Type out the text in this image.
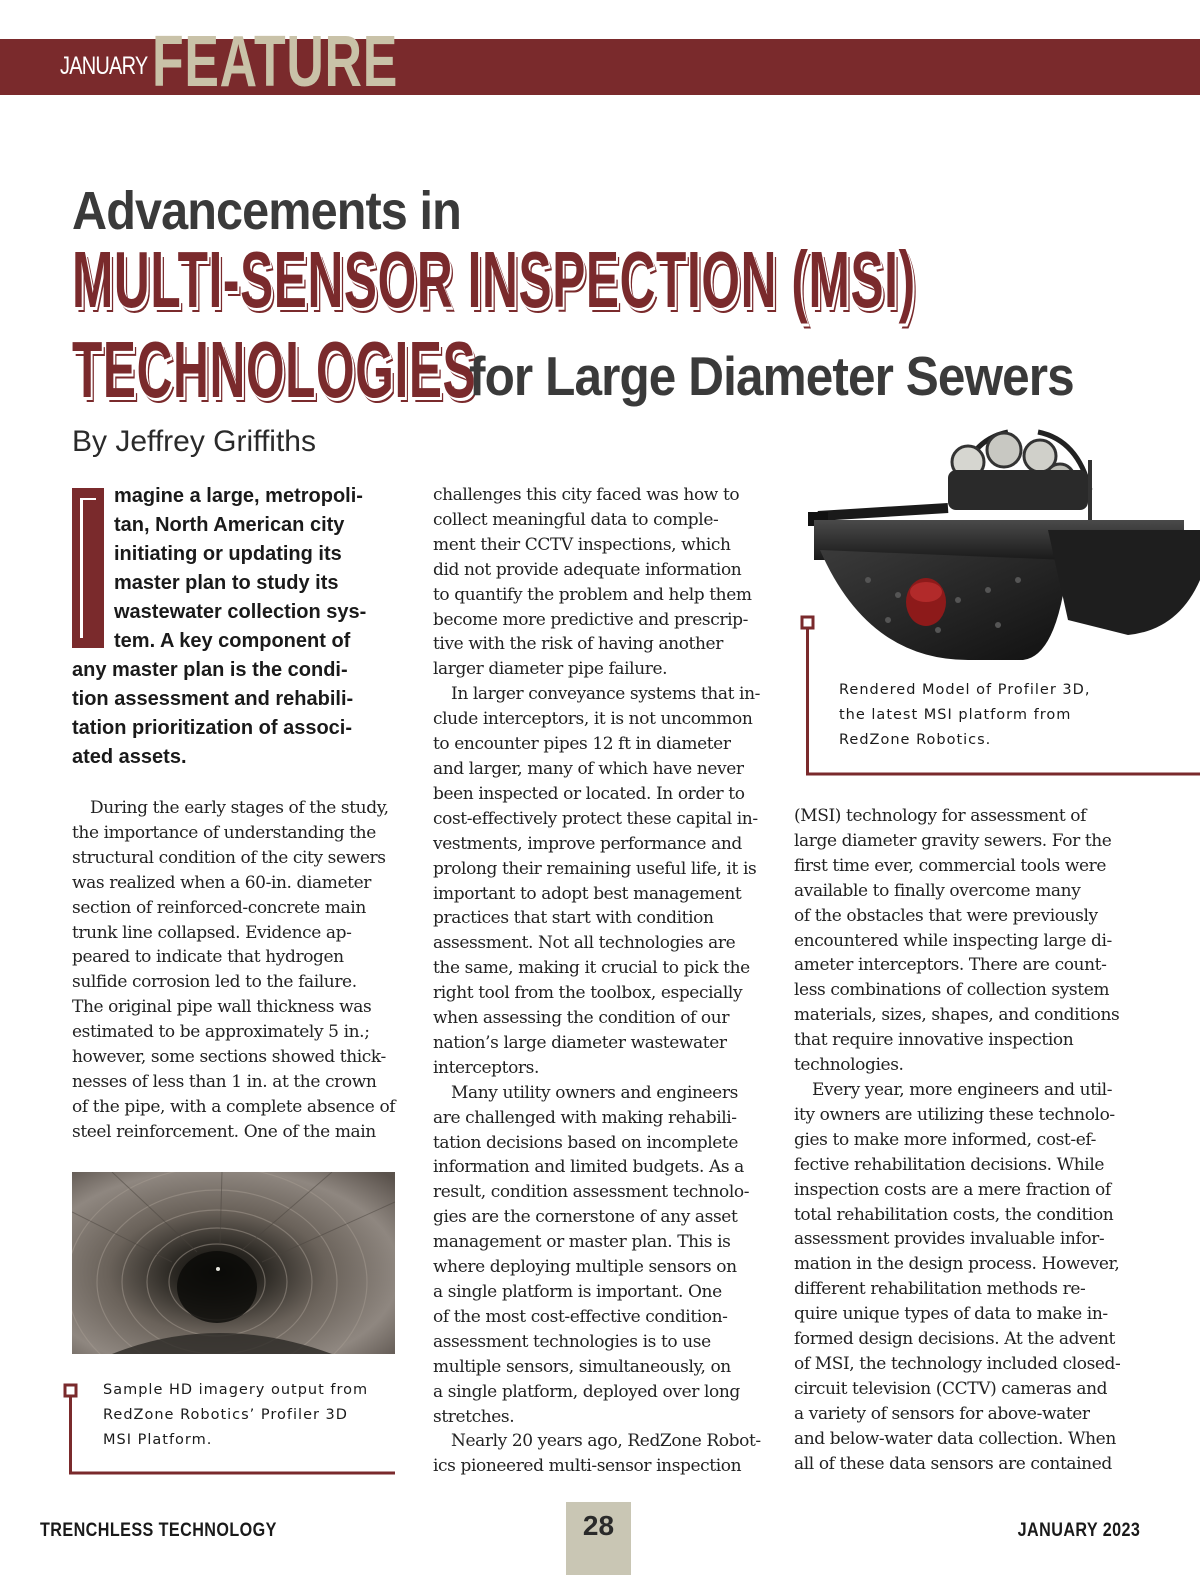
JANUARY FEATURE
Advancements in
MULTI-SENSOR INSPECTION (MSI)
TECHNOLOGIES
for Large Diameter Sewers
By Jeffrey Griffiths
magine a large, metropoli-
tan, North American city
initiating or updating its
master plan to study its
wastewater collection sys-
tem. A key component of
any master plan is the condi-
tion assessment and rehabili-
tation prioritization of associ-
ated assets.
During the early stages of the study,
the importance of understanding the
structural condition of the city sewers
was realized when a 60-in. diameter
section of reinforced-concrete main
trunk line collapsed. Evidence ap-
peared to indicate that hydrogen
sulfide corrosion led to the failure.
The original pipe wall thickness was
estimated to be approximately 5 in.;
however, some sections showed thick-
nesses of less than 1 in. at the crown
of the pipe, with a complete absence of
steel reinforcement. One of the main
Sample HD imagery output from
RedZone Robotics’ Profiler 3D
MSI Platform.
challenges this city faced was how to
collect meaningful data to comple-
ment their CCTV inspections, which
did not provide adequate information
to quantify the problem and help them
become more predictive and prescrip-
tive with the risk of having another
larger diameter pipe failure.
In larger conveyance systems that in-
clude interceptors, it is not uncommon
to encounter pipes 12 ft in diameter
and larger, many of which have never
been inspected or located. In order to
cost-effectively protect these capital in-
vestments, improve performance and
prolong their remaining useful life, it is
important to adopt best management
practices that start with condition
assessment. Not all technologies are
the same, making it crucial to pick the
right tool from the toolbox, especially
when assessing the condition of our
nation’s large diameter wastewater
interceptors.
Many utility owners and engineers
are challenged with making rehabili-
tation decisions based on incomplete
information and limited budgets. As a
result, condition assessment technolo-
gies are the cornerstone of any asset
management or master plan. This is
where deploying multiple sensors on
a single platform is important. One
of the most cost-effective condition-
assessment technologies is to use
multiple sensors, simultaneously, on
a single platform, deployed over long
stretches.
Nearly 20 years ago, RedZone Robot-
ics pioneered multi-sensor inspection
Rendered Model of Profiler 3D,
the latest MSI platform from
RedZone Robotics.
(MSI) technology for assessment of
large diameter gravity sewers. For the
first time ever, commercial tools were
available to finally overcome many
of the obstacles that were previously
encountered while inspecting large di-
ameter interceptors. There are count-
less combinations of collection system
materials, sizes, shapes, and conditions
that require innovative inspection
technologies.
Every year, more engineers and util-
ity owners are utilizing these technolo-
gies to make more informed, cost-ef-
fective rehabilitation decisions. While
inspection costs are a mere fraction of
total rehabilitation costs, the condition
assessment provides invaluable infor-
mation in the design process. However,
different rehabilitation methods re-
quire unique types of data to make in-
formed design decisions. At the advent
of MSI, the technology included closed-
circuit television (CCTV) cameras and
a variety of sensors for above-water
and below-water data collection. When
all of these data sensors are contained
TRENCHLESS TECHNOLOGY	28	JANUARY 2023
